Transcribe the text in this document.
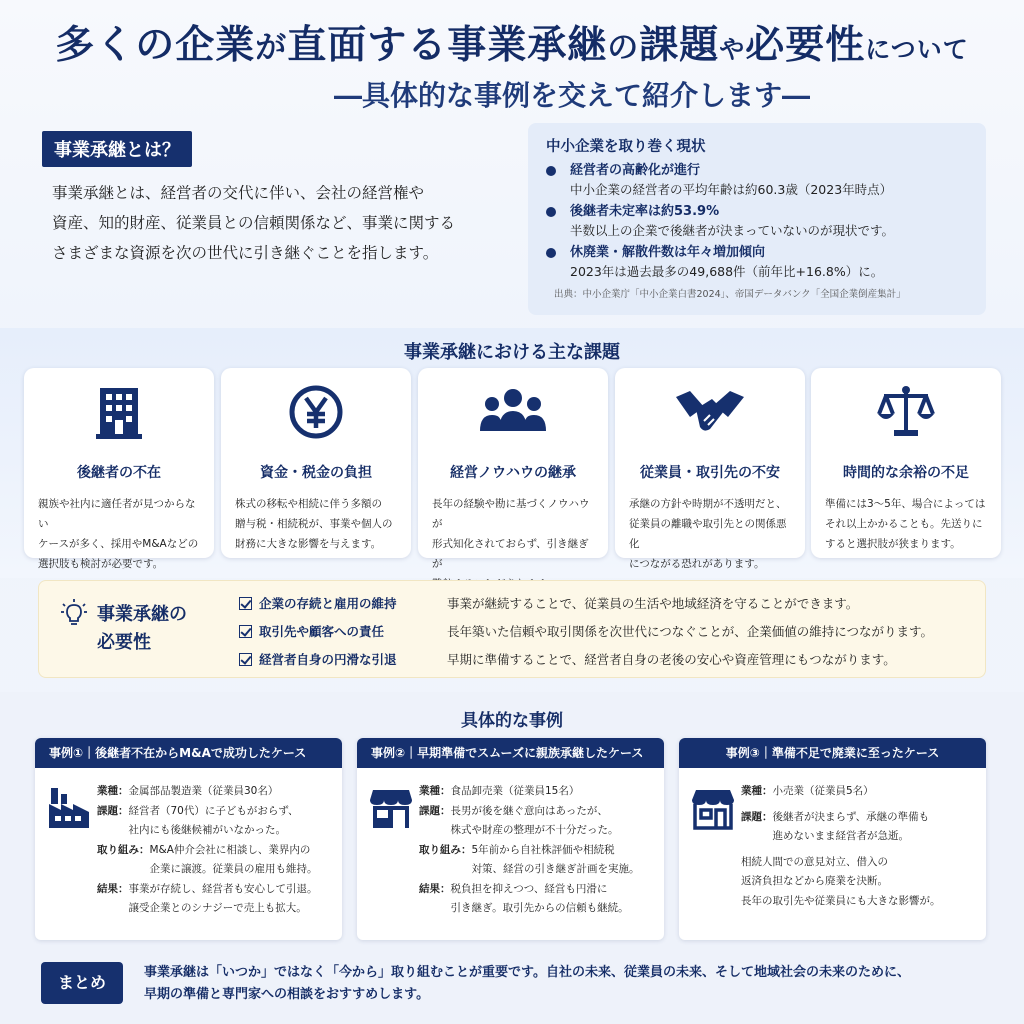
多くの企業が直面する事業承継の課題や必要性について
―具体的な事例を交えて紹介します―
事業承継とは？
事業承継とは、経営者の交代に伴い、会社の経営権や
資産、知的財産、従業員との信頼関係など、事業に関する
さまざまな資源を次の世代に引き継ぐことを指します。
中小企業を取り巻く現状
経営者の高齢化が進行
中小企業の経営者の平均年齢は約60.3歳（2023年時点）
後継者未定率は約53.9%
半数以上の企業で後継者が決まっていないのが現状です。
休廃業・解散件数は年々増加傾向
2023年は過去最多の49,688件（前年比+16.8%）に。
出典：中小企業庁「中小企業白書2024」、帝国データバンク「全国企業倒産集計」
事業承継における主な課題
後継者の不在
親族や社内に適任者が見つからない
ケースが多く、採用やM&Aなどの
選択肢も検討が必要です。
資金・税金の負担
株式の移転や相続に伴う多額の
贈与税・相続税が、事業や個人の
財務に大きな影響を与えます。
経営ノウハウの継承
長年の経験や勘に基づくノウハウが
形式知化されておらず、引き継ぎが
従業員・取引先の不安
承継の方針や時期が不透明だと、
従業員の離職や取引先との関係悪化
につながる恐れがあります。
時間的な余裕の不足
準備には3～5年、場合によっては
それ以上かかることも。先送りに
すると選択肢が狭まります。
事業承継の
必要性
企業の存続と雇用の維持	事業が継続することで、従業員の生活や地域経済を守ることができます。
取引先や顧客への責任	長年築いた信頼や取引関係を次世代につなぐことが、企業価値の維持につながります。
経営者自身の円滑な引退	早期に準備することで、経営者自身の老後の安心や資産管理にもつながります。
具体的な事例
事例①｜後継者不在からM&Aで成功したケース
業種： 金属部品製造業（従業員30名）
課題： 経営者（70代）に子どもがおらず、
社内にも後継候補がいなかった。
取り組み： M&A仲介会社に相談し、業界内の
企業に譲渡。従業員の雇用も維持。
結果： 事業が存続し、経営者も安心して引退。
譲受企業とのシナジーで売上も拡大。
事例②｜早期準備でスムーズに親族承継したケース
業種： 食品卸売業（従業員15名）
課題： 長男が後を継ぐ意向はあったが、
株式や財産の整理が不十分だった。
取り組み： 5年前から自社株評価や相続税
対策、経営の引き継ぎ計画を実施。
結果： 税負担を抑えつつ、経営も円滑に
引き継ぎ。取引先からの信頼も継続。
事例③｜準備不足で廃業に至ったケース
業種： 小売業（従業員5名）
課題： 後継者が決まらず、承継の準備も
進めないまま経営者が急逝。
相続人間での意見対立、借入の
返済負担などから廃業を決断。
長年の取引先や従業員にも大きな影響が。
まとめ
事業承継は「いつか」ではなく「今から」取り組むことが重要です。自社の未来、従業員の未来、そして地域社会の未来のために、
早期の準備と専門家への相談をおすすめします。
